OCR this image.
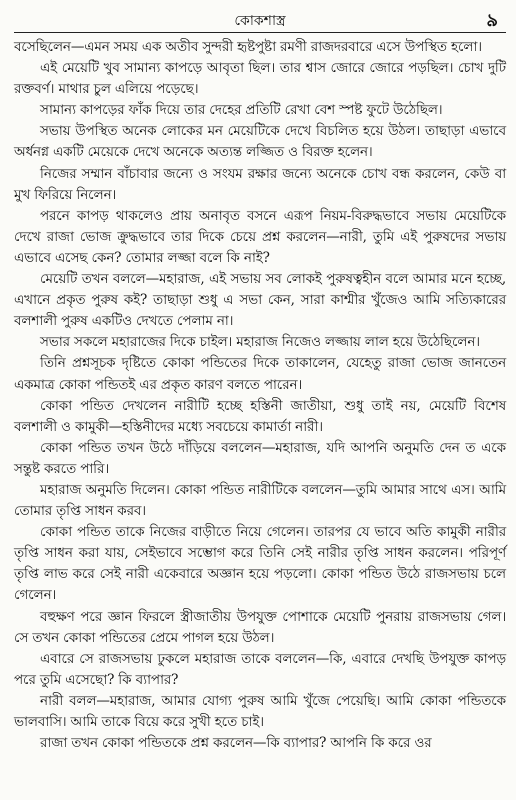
কোকশাস্ত্র	৯

বসেছিলেন—এমন সময় এক অতীব সুন্দরী হৃষ্টপুষ্টা রমণী রাজদরবারে এসে উপস্থিত হলো।

এই মেয়েটি খুব সামান্য কাপড়ে আবৃতা ছিল। তার শ্বাস জোরে জোরে পড়ছিল। চোখ দুটি রক্তবর্ণ। মাথার চুল এলিয়ে পড়েছে।

সামান্য কাপড়ের ফাঁক দিয়ে তার দেহের প্রতিটি রেখা বেশ স্পষ্ট ফুটে উঠেছিল।

সভায় উপস্থিত অনেক লোকের মন মেয়েটিকে দেখে বিচলিত হয়ে উঠল। তাছাড়া এভাবে অর্ধনগ্ন একটি মেয়েকে দেখে অনেকে অত্যন্ত লজ্জিত ও বিরক্ত হলেন।

নিজের সম্মান বাঁচাবার জন্যে ও সংযম রক্ষার জন্যে অনেকে চোখ বন্ধ করলেন, কেউ বা মুখ ফিরিয়ে নিলেন।

পরনে কাপড় থাকলেও প্রায় অনাবৃত বসনে এরূপ নিয়ম-বিরুদ্ধভাবে সভায় মেয়েটিকে দেখে রাজা ভোজ ক্রুদ্ধভাবে তার দিকে চেয়ে প্রশ্ন করলেন—নারী, তুমি এই পুরুষদের সভায় এভাবে এসেছ কেন? তোমার লজ্জা বলে কি নাই?

মেয়েটি তখন বললে—মহারাজ, এই সভায় সব লোকই পুরুষত্বহীন বলে আমার মনে হচ্ছে, এখানে প্রকৃত পুরুষ কই? তাছাড়া শুধু এ সভা কেন, সারা কাশ্মীর খুঁজেও আমি সত্যিকারের বলশালী পুরুষ একটিও দেখতে পেলাম না।

সভার সকলে মহারাজের দিকে চাইল। মহারাজ নিজেও লজ্জায় লাল হয়ে উঠেছিলেন।

তিনি প্রশ্নসূচক দৃষ্টিতে কোকা পন্ডিতের দিকে তাকালেন, যেহেতু রাজা ভোজ জানতেন একমাত্র কোকা পন্ডিতই এর প্রকৃত কারণ বলতে পারেন।

কোকা পন্ডিত দেখলেন নারীটি হচ্ছে হস্তিনী জাতীয়া, শুধু তাই নয়, মেয়েটি বিশেষ বলশালী ও কামুকী—হস্তিনীদের মধ্যে সবচেয়ে কামার্তা নারী।

কোকা পন্ডিত তখন উঠে দাঁড়িয়ে বললেন—মহারাজ, যদি আপনি অনুমতি দেন ত একে সন্তুষ্ট করতে পারি।

মহারাজ অনুমতি দিলেন। কোকা পন্ডিত নারীটিকে বললেন—তুমি আমার সাথে এস। আমি তোমার তৃপ্তি সাধন করব।

কোকা পন্ডিত তাকে নিজের বাড়ীতে নিয়ে গেলেন। তারপর যে ভাবে অতি কামুকী নারীর তৃপ্তি সাধন করা যায়, সেইভাবে সম্ভোগ করে তিনি সেই নারীর তৃপ্তি সাধন করলেন। পরিপূর্ণ তৃপ্তি লাভ করে সেই নারী একেবারে অজ্ঞান হয়ে পড়লো। কোকা পন্ডিত উঠে রাজসভায় চলে গেলেন।

বহুক্ষণ পরে জ্ঞান ফিরলে স্ত্রীজাতীয় উপযুক্ত পোশাকে মেয়েটি পুনরায় রাজসভায় গেল। সে তখন কোকা পন্ডিতের প্রেমে পাগল হয়ে উঠল।

এবারে সে রাজসভায় ঢুকলে মহারাজ তাকে বললেন—কি, এবারে দেখছি উপযুক্ত কাপড় পরে তুমি এসেছো? কি ব্যাপার?

নারী বলল—মহারাজ, আমার যোগ্য পুরুষ আমি খুঁজে পেয়েছি। আমি কোকা পন্ডিতকে ভালবাসি। আমি তাকে বিয়ে করে সুখী হতে চাই।

রাজা তখন কোকা পন্ডিতকে প্রশ্ন করলেন—কি ব্যাপার? আপনি কি করে ওর
